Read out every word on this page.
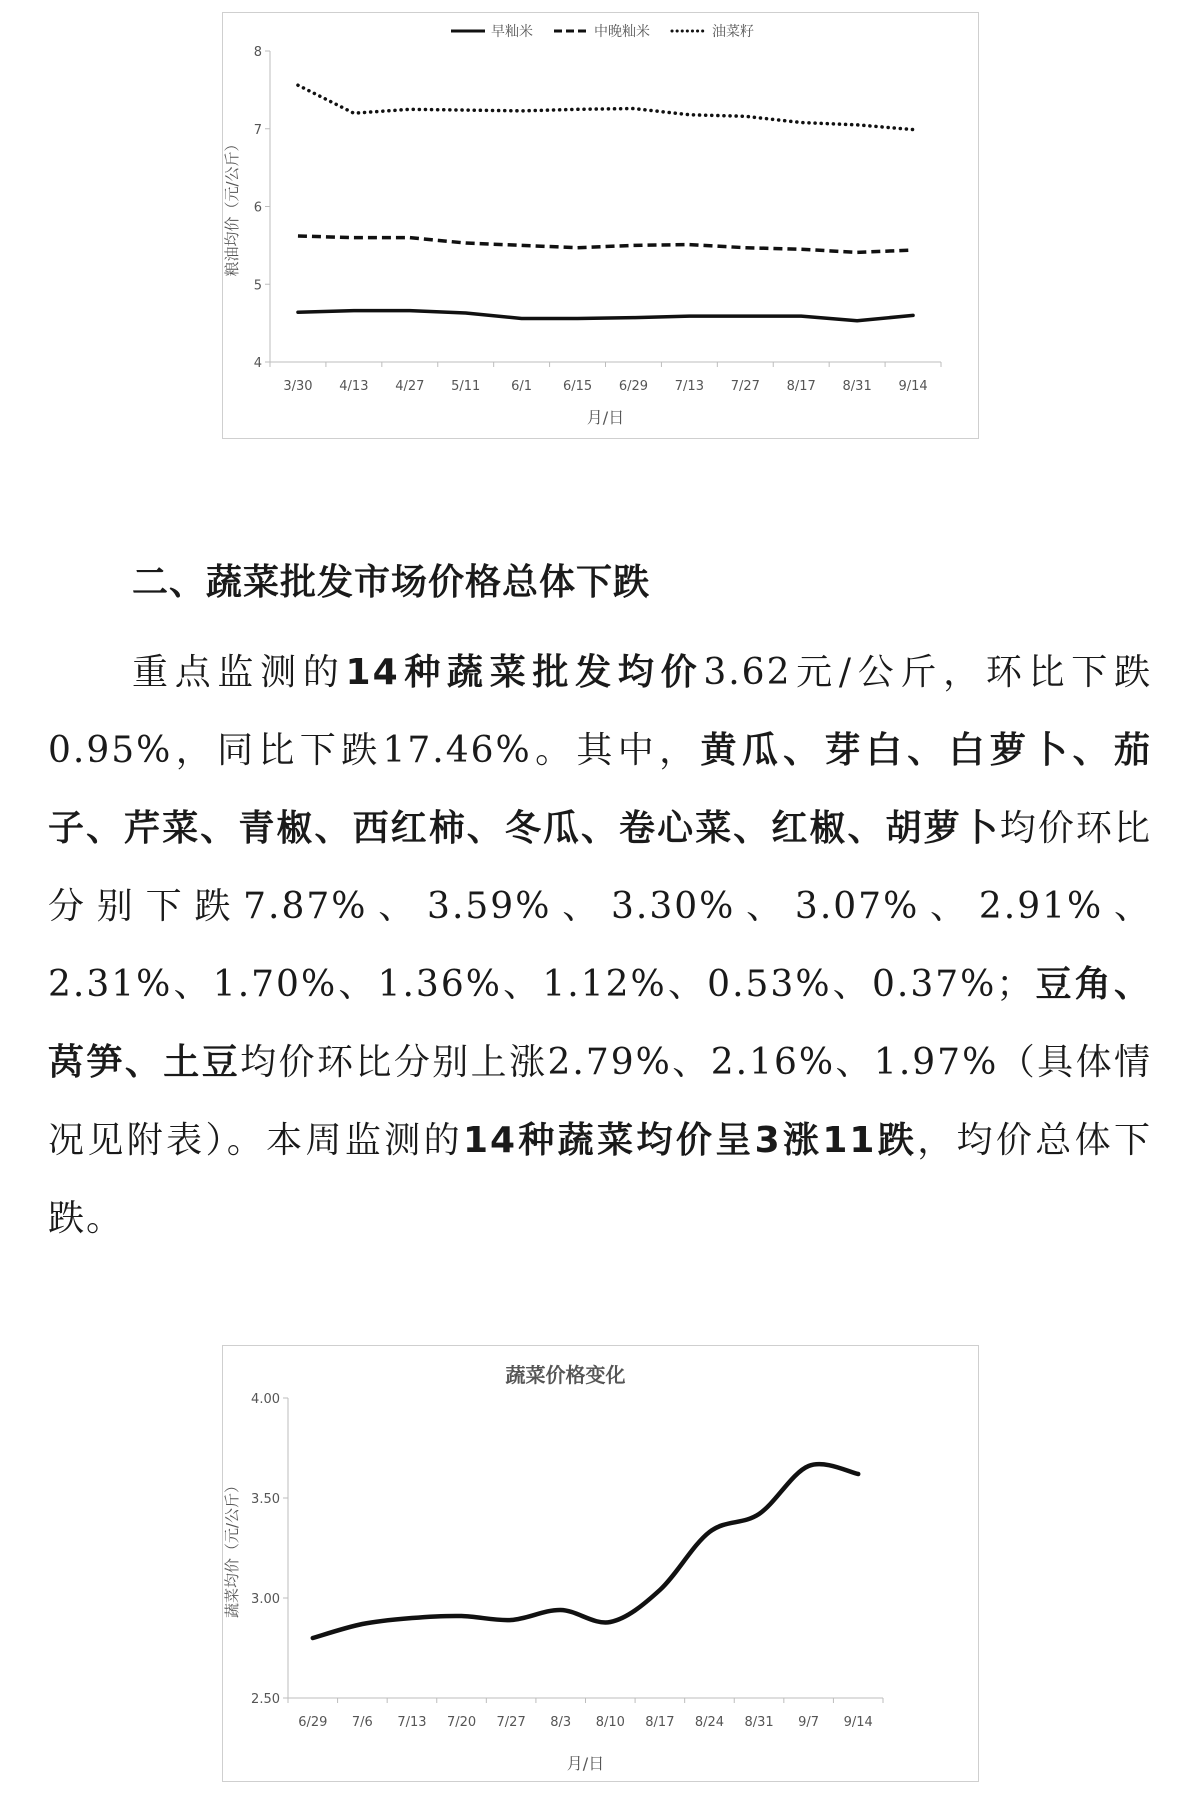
4
5
6
7
8
3/30 4/13 4/27 5/11 6/1 6/15 6/29 7/13 7/27 8/17 8/31 9/14
月/日
粮油均价（元/公斤）
早籼米	中晚籼米	油菜籽
二、蔬菜批发市场价格总体下跌
重点监测的14种蔬菜批发均价3.62元/公斤，环比下跌0.95%，同比下跌17.46%。其中，黄瓜、芽白、白萝卜、茄子、芹菜、青椒、西红柿、冬瓜、卷心菜、红椒、胡萝卜均价环比分别下跌7.87%、3.59%、3.30%、3.07%、2.91%、2.31%、1.70%、1.36%、1.12%、0.53%、0.37%；豆角、莴笋、土豆均价环比分别上涨2.79%、2.16%、1.97%（具体情况见附表）。本周监测的14种蔬菜均价呈3涨11跌，均价总体下跌。
蔬菜价格变化
2.50
3.00
3.50
4.00
6/29 7/6 7/13 7/20 7/27 8/3 8/10 8/17 8/24 8/31 9/7 9/14
月/日
蔬菜均价（元/公斤）
